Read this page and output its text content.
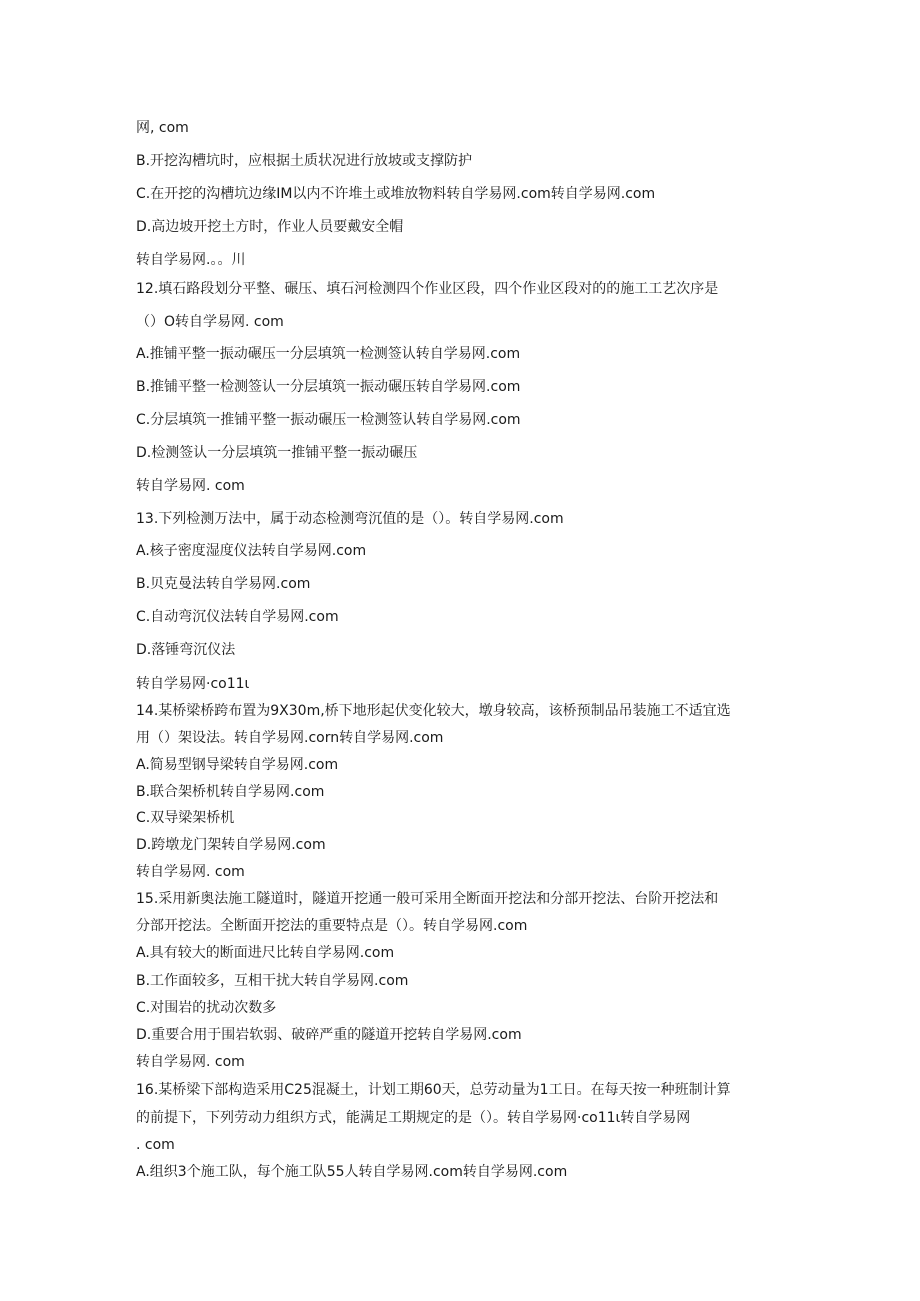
网, com
B.开挖沟槽坑时，应根据土质状况进行放坡或支撑防护
C.在开挖的沟槽坑边缘IM以内不许堆土或堆放物料转自学易网.com转自学易网.com
D.高边坡开挖土方时，作业人员要戴安全帽
转自学易网.。。川
12.填石路段划分平整、碾压、填石河检测四个作业区段，四个作业区段对的的施工工艺次序是
（）O转自学易网. com
A.推铺平整一振动碾压一分层填筑一检测签认转自学易网.com
B.推铺平整一检测签认一分层填筑一振动碾压转自学易网.com
C.分层填筑一推铺平整一振动碾压一检测签认转自学易网.com
D.检测签认一分层填筑一推铺平整一振动碾压
转自学易网. com
13.下列检测万法中，属于动态检测弯沉值的是（）。转自学易网.com
A.核子密度湿度仪法转自学易网.com
B.贝克曼法转自学易网.com
C.自动弯沉仪法转自学易网.com
D.落锤弯沉仪法
转自学易网·co11ι
14.某桥梁桥跨布置为9X30m,桥下地形起伏变化较大，墩身较高，该桥预制品吊装施工不适宜选
用（）架设法。转自学易网.corn转自学易网.com
A.简易型钢导梁转自学易网.com
B.联合架桥机转自学易网.com
C.双导梁架桥机
D.跨墩龙门架转自学易网.com
转自学易网. com
15.采用新奥法施工隧道时，隧道开挖通一般可采用全断面开挖法和分部开挖法、台阶开挖法和
分部开挖法。全断面开挖法的重要特点是（）。转自学易网.com
A.具有较大的断面进尺比转自学易网.com
B.工作面较多，互相干扰大转自学易网.com
C.对围岩的扰动次数多
D.重要合用于围岩软弱、破碎严重的隧道开挖转自学易网.com
转自学易网. com
16.某桥梁下部构造采用C25混凝土，计划工期60天，总劳动量为1工日。在每天按一种班制计算
的前提下，下列劳动力组织方式，能满足工期规定的是（）。转自学易网·co11ι转自学易网
. com
A.组织3个施工队，每个施工队55人转自学易网.com转自学易网.com
